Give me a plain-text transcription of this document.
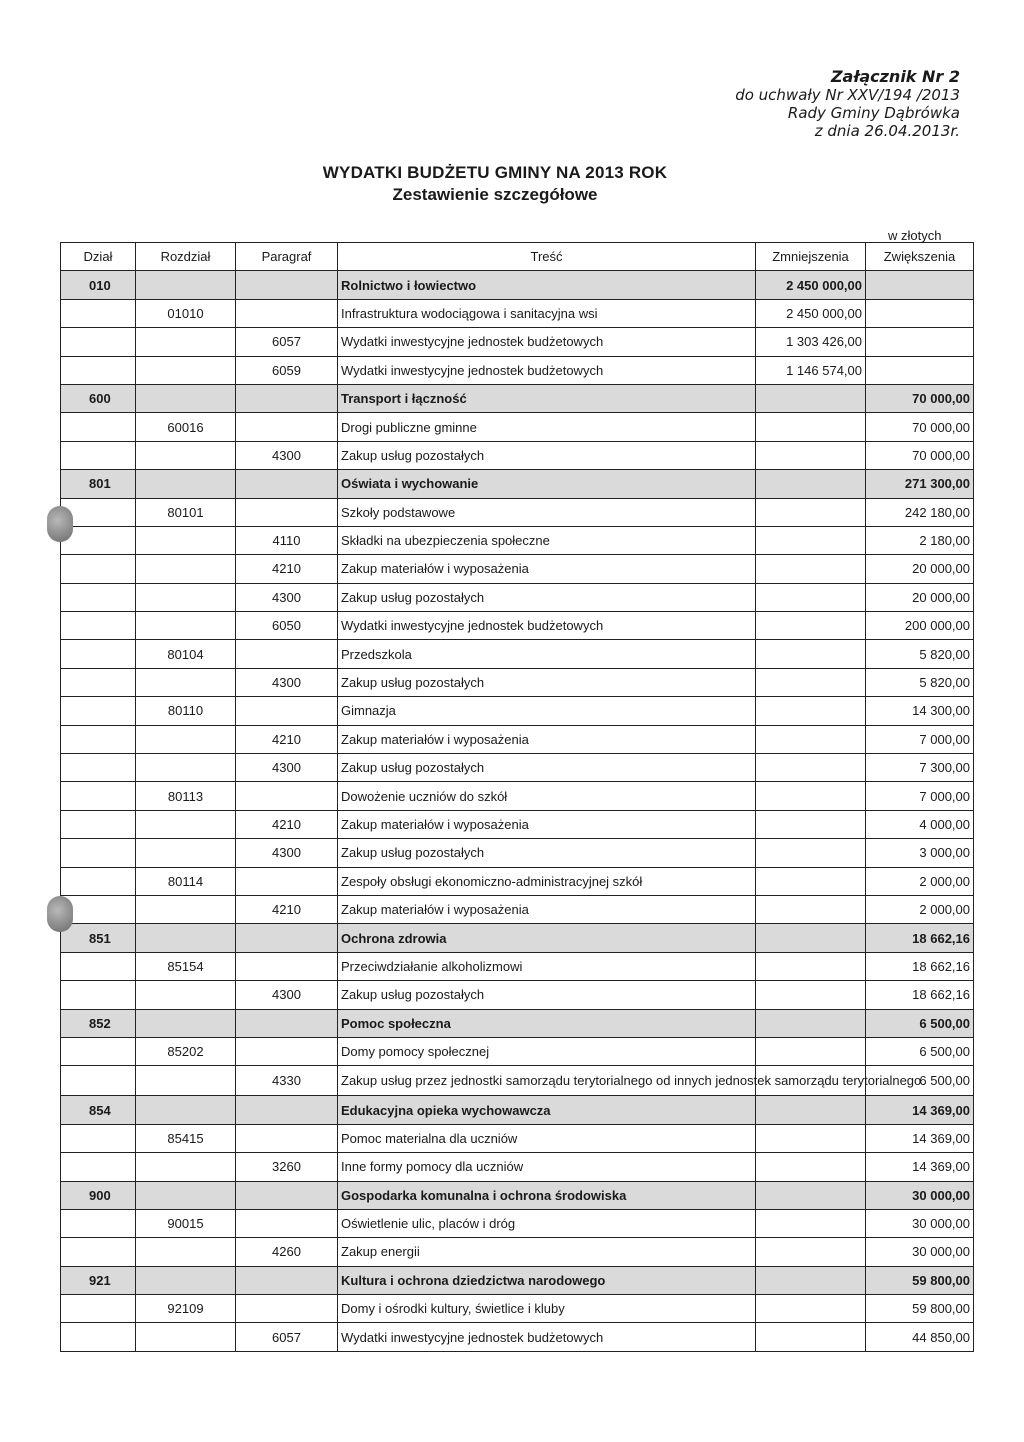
Załącznik Nr 2
do uchwały Nr XXV/194 /2013
Rady Gminy Dąbrówka
z dnia 26.04.2013r.
WYDATKI BUDŻETU GMINY NA 2013 ROK
Zestawienie szczegółowe
w złotych
Dział	Rozdział	Paragraf	Treść	Zmniejszenia	Zwiększenia
010			Rolnictwo i łowiectwo	2 450 000,00	
	01010		Infrastruktura wodociągowa i sanitacyjna wsi	2 450 000,00	
		6057	Wydatki inwestycyjne jednostek budżetowych	1 303 426,00	
		6059	Wydatki inwestycyjne jednostek budżetowych	1 146 574,00	
600			Transport i łączność		70 000,00
	60016		Drogi publiczne gminne		70 000,00
		4300	Zakup usług pozostałych		70 000,00
801			Oświata i wychowanie		271 300,00
	80101		Szkoły podstawowe		242 180,00
		4110	Składki na ubezpieczenia społeczne		2 180,00
		4210	Zakup materiałów i wyposażenia		20 000,00
		4300	Zakup usług pozostałych		20 000,00
		6050	Wydatki inwestycyjne jednostek budżetowych		200 000,00
	80104		Przedszkola		5 820,00
		4300	Zakup usług pozostałych		5 820,00
	80110		Gimnazja		14 300,00
		4210	Zakup materiałów i wyposażenia		7 000,00
		4300	Zakup usług pozostałych		7 300,00
	80113		Dowożenie uczniów do szkół		7 000,00
		4210	Zakup materiałów i wyposażenia		4 000,00
		4300	Zakup usług pozostałych		3 000,00
	80114		Zespoły obsługi ekonomiczno-administracyjnej szkół		2 000,00
		4210	Zakup materiałów i wyposażenia		2 000,00
851			Ochrona zdrowia		18 662,16
	85154		Przeciwdziałanie alkoholizmowi		18 662,16
		4300	Zakup usług pozostałych		18 662,16
852			Pomoc społeczna		6 500,00
	85202		Domy pomocy społecznej		6 500,00
		4330	Zakup usług przez jednostki samorządu terytorialnego od innych jednostek samorządu terytorialnego		6 500,00
854			Edukacyjna opieka wychowawcza		14 369,00
	85415		Pomoc materialna dla uczniów		14 369,00
		3260	Inne formy pomocy dla uczniów		14 369,00
900			Gospodarka komunalna i ochrona środowiska		30 000,00
	90015		Oświetlenie ulic, placów i dróg		30 000,00
		4260	Zakup energii		30 000,00
921			Kultura i ochrona dziedzictwa narodowego		59 800,00
	92109		Domy i ośrodki kultury, świetlice i kluby		59 800,00
		6057	Wydatki inwestycyjne jednostek budżetowych		44 850,00
